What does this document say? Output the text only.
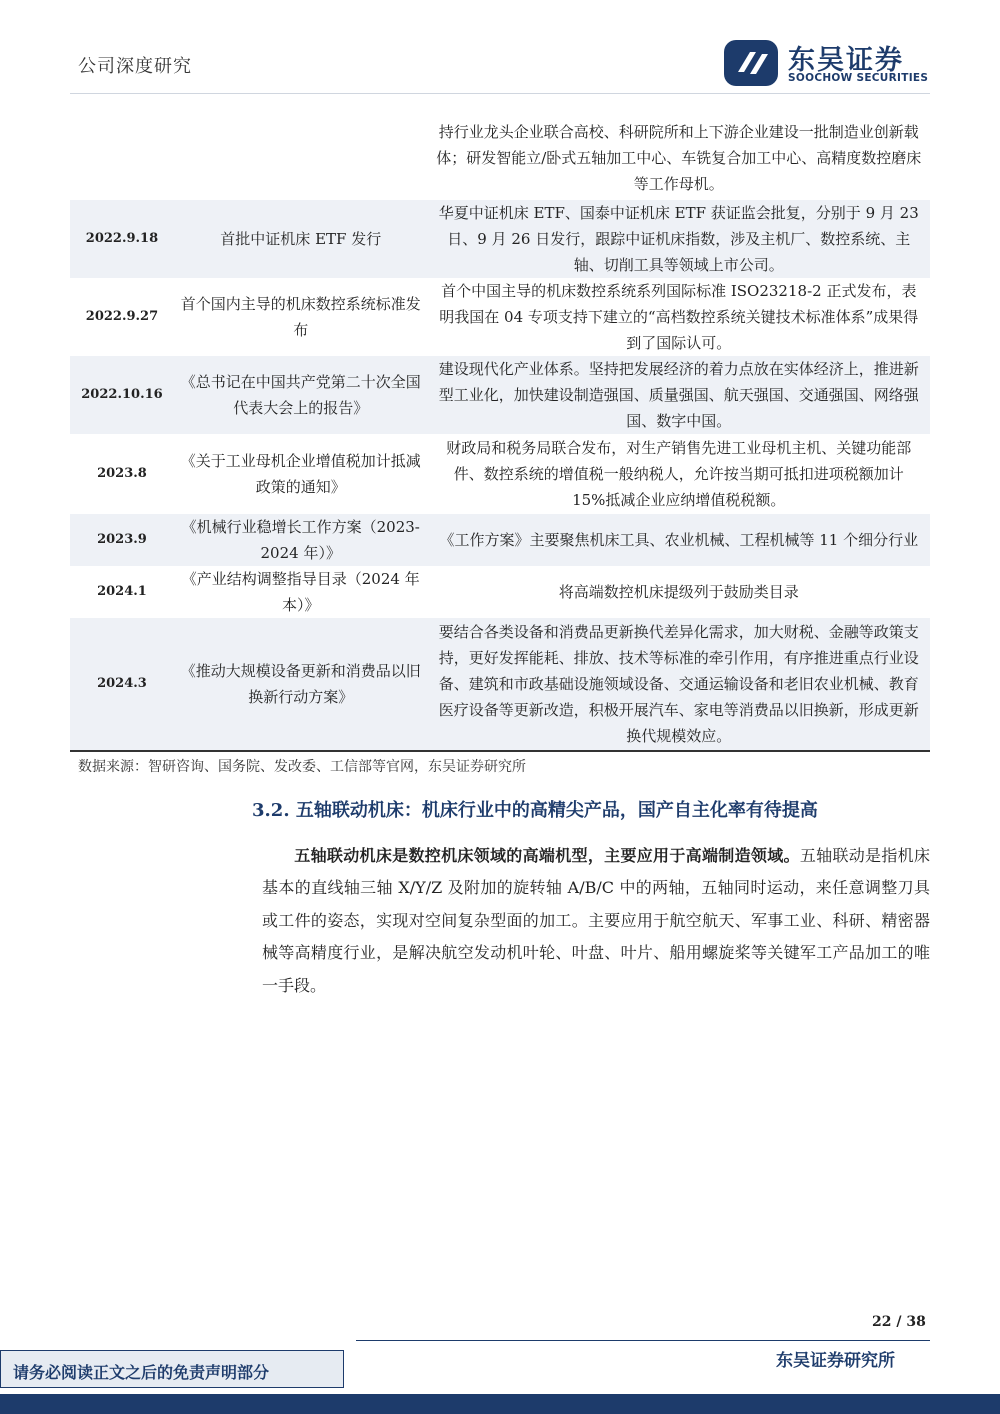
公司深度研究	东吴证券
SOOCHOW SECURITIES
		持行业龙头企业联合高校、科研院所和上下游企业建设一批制造业创新载体；研发智能立/卧式五轴加工中心、车铣复合加工中心、高精度数控磨床等工作母机。
2022.9.18	首批中证机床 ETF 发行	华夏中证机床 ETF、国泰中证机床 ETF 获证监会批复，分别于 9 月 23 日、9 月 26 日发行，跟踪中证机床指数，涉及主机厂、数控系统、主轴、切削工具等领域上市公司。
2022.9.27	首个国内主导的机床数控系统标准发布	首个中国主导的机床数控系统系列国际标准 ISO23218-2 正式发布，表明我国在 04 专项支持下建立的“高档数控系统关键技术标准体系”成果得到了国际认可。
2022.10.16	《总书记在中国共产党第二十次全国代表大会上的报告》	建设现代化产业体系。坚持把发展经济的着力点放在实体经济上，推进新型工业化，加快建设制造强国、质量强国、航天强国、交通强国、网络强国、数字中国。
2023.8	《关于工业母机企业增值税加计抵减政策的通知》	财政局和税务局联合发布，对生产销售先进工业母机主机、关键功能部件、数控系统的增值税一般纳税人，允许按当期可抵扣进项税额加计 15%抵减企业应纳增值税税额。
2023.9	《机械行业稳增长工作方案（2023-2024 年）》	《工作方案》主要聚焦机床工具、农业机械、工程机械等 11 个细分行业
2024.1	《产业结构调整指导目录（2024 年本）》	将高端数控机床提级列于鼓励类目录
2024.3	《推动大规模设备更新和消费品以旧换新行动方案》	要结合各类设备和消费品更新换代差异化需求，加大财税、金融等政策支持，更好发挥能耗、排放、技术等标准的牵引作用，有序推进重点行业设备、建筑和市政基础设施领域设备、交通运输设备和老旧农业机械、教育医疗设备等更新改造，积极开展汽车、家电等消费品以旧换新，形成更新换代规模效应。
数据来源：智研咨询、国务院、发改委、工信部等官网，东吴证券研究所
3.2. 五轴联动机床：机床行业中的高精尖产品，国产自主化率有待提高
五轴联动机床是数控机床领域的高端机型，主要应用于高端制造领域。五轴联动是指机床基本的直线轴三轴 X/Y/Z 及附加的旋转轴 A/B/C 中的两轴，五轴同时运动，来任意调整刀具或工件的姿态，实现对空间复杂型面的加工。主要应用于航空航天、军事工业、科研、精密器械等高精度行业，是解决航空发动机叶轮、叶盘、叶片、船用螺旋桨等关键军工产品加工的唯一手段。
22 / 38
请务必阅读正文之后的免责声明部分
东吴证券研究所
